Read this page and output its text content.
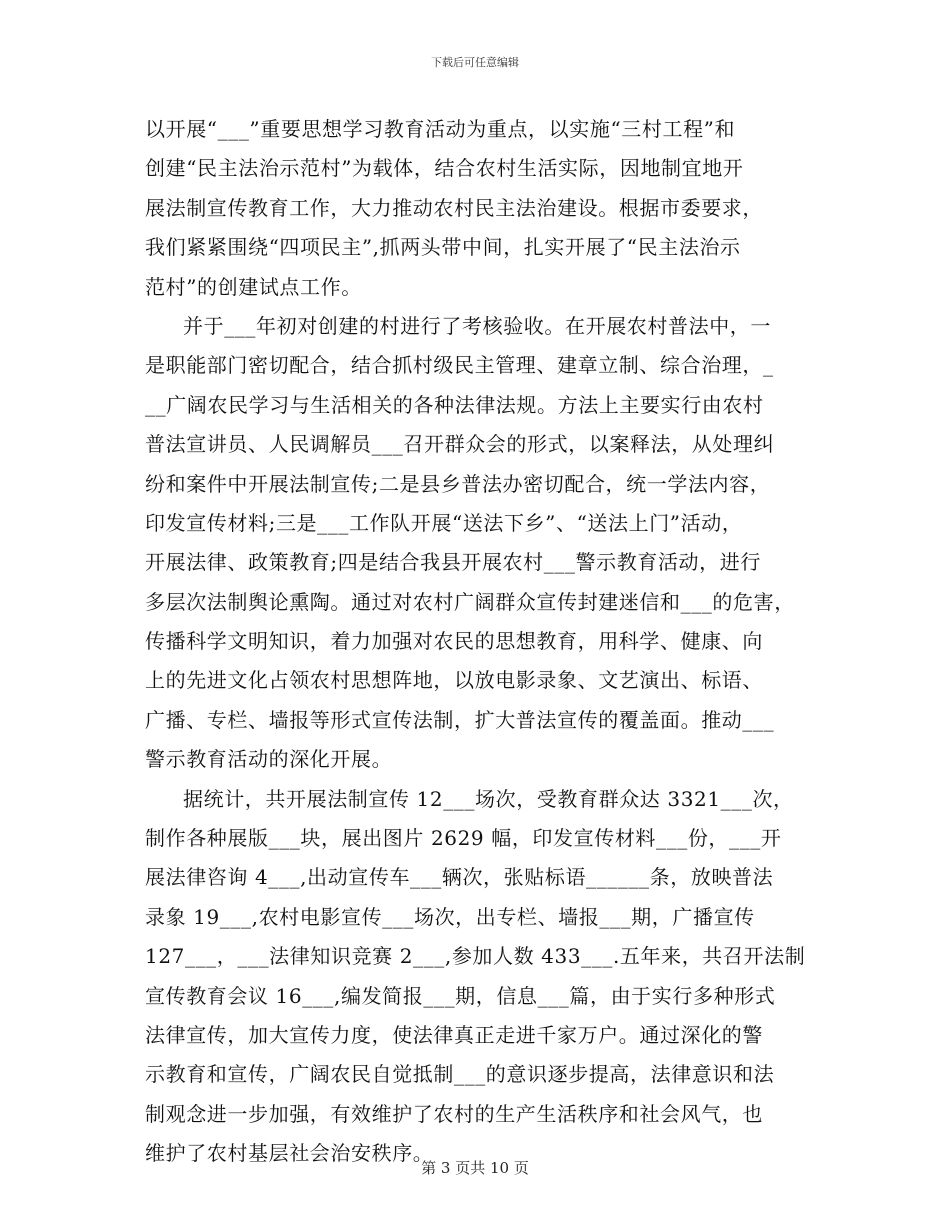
下载后可任意编辑
以开展“___”重要思想学习教育活动为重点，以实施“三村工程”和
创建“民主法治示范村”为载体，结合农村生活实际，因地制宜地开
展法制宣传教育工作，大力推动农村民主法治建设。根据市委要求，
我们紧紧围绕“四项民主”,抓两头带中间，扎实开展了“民主法治示
范村”的创建试点工作。
并于___年初对创建的村进行了考核验收。在开展农村普法中，一
是职能部门密切配合，结合抓村级民主管理、建章立制、综合治理，_
__广阔农民学习与生活相关的各种法律法规。方法上主要实行由农村
普法宣讲员、人民调解员___召开群众会的形式，以案释法，从处理纠
纷和案件中开展法制宣传;二是县乡普法办密切配合，统一学法内容，
印发宣传材料;三是___工作队开展“送法下乡”、“送法上门”活动，
开展法律、政策教育;四是结合我县开展农村___警示教育活动，进行
多层次法制舆论熏陶。通过对农村广阔群众宣传封建迷信和___的危害，
传播科学文明知识，着力加强对农民的思想教育，用科学、健康、向
上的先进文化占领农村思想阵地，以放电影录象、文艺演出、标语、
广播、专栏、墙报等形式宣传法制，扩大普法宣传的覆盖面。推动___
警示教育活动的深化开展。
据统计，共开展法制宣传 12___场次，受教育群众达 3321___次，
制作各种展版___块，展出图片 2629 幅，印发宣传材料___份，___开
展法律咨询 4___,出动宣传车___辆次，张贴标语______条，放映普法
录象 19___,农村电影宣传___场次，出专栏、墙报___期，广播宣传
127___，___法律知识竞赛 2___,参加人数 433___.五年来，共召开法制
宣传教育会议 16___,编发简报___期，信息___篇，由于实行多种形式
法律宣传，加大宣传力度，使法律真正走进千家万户。通过深化的警
示教育和宣传，广阔农民自觉抵制___的意识逐步提高，法律意识和法
制观念进一步加强，有效维护了农村的生产生活秩序和社会风气，也
维护了农村基层社会治安秩序。
第 3 页共 10 页
